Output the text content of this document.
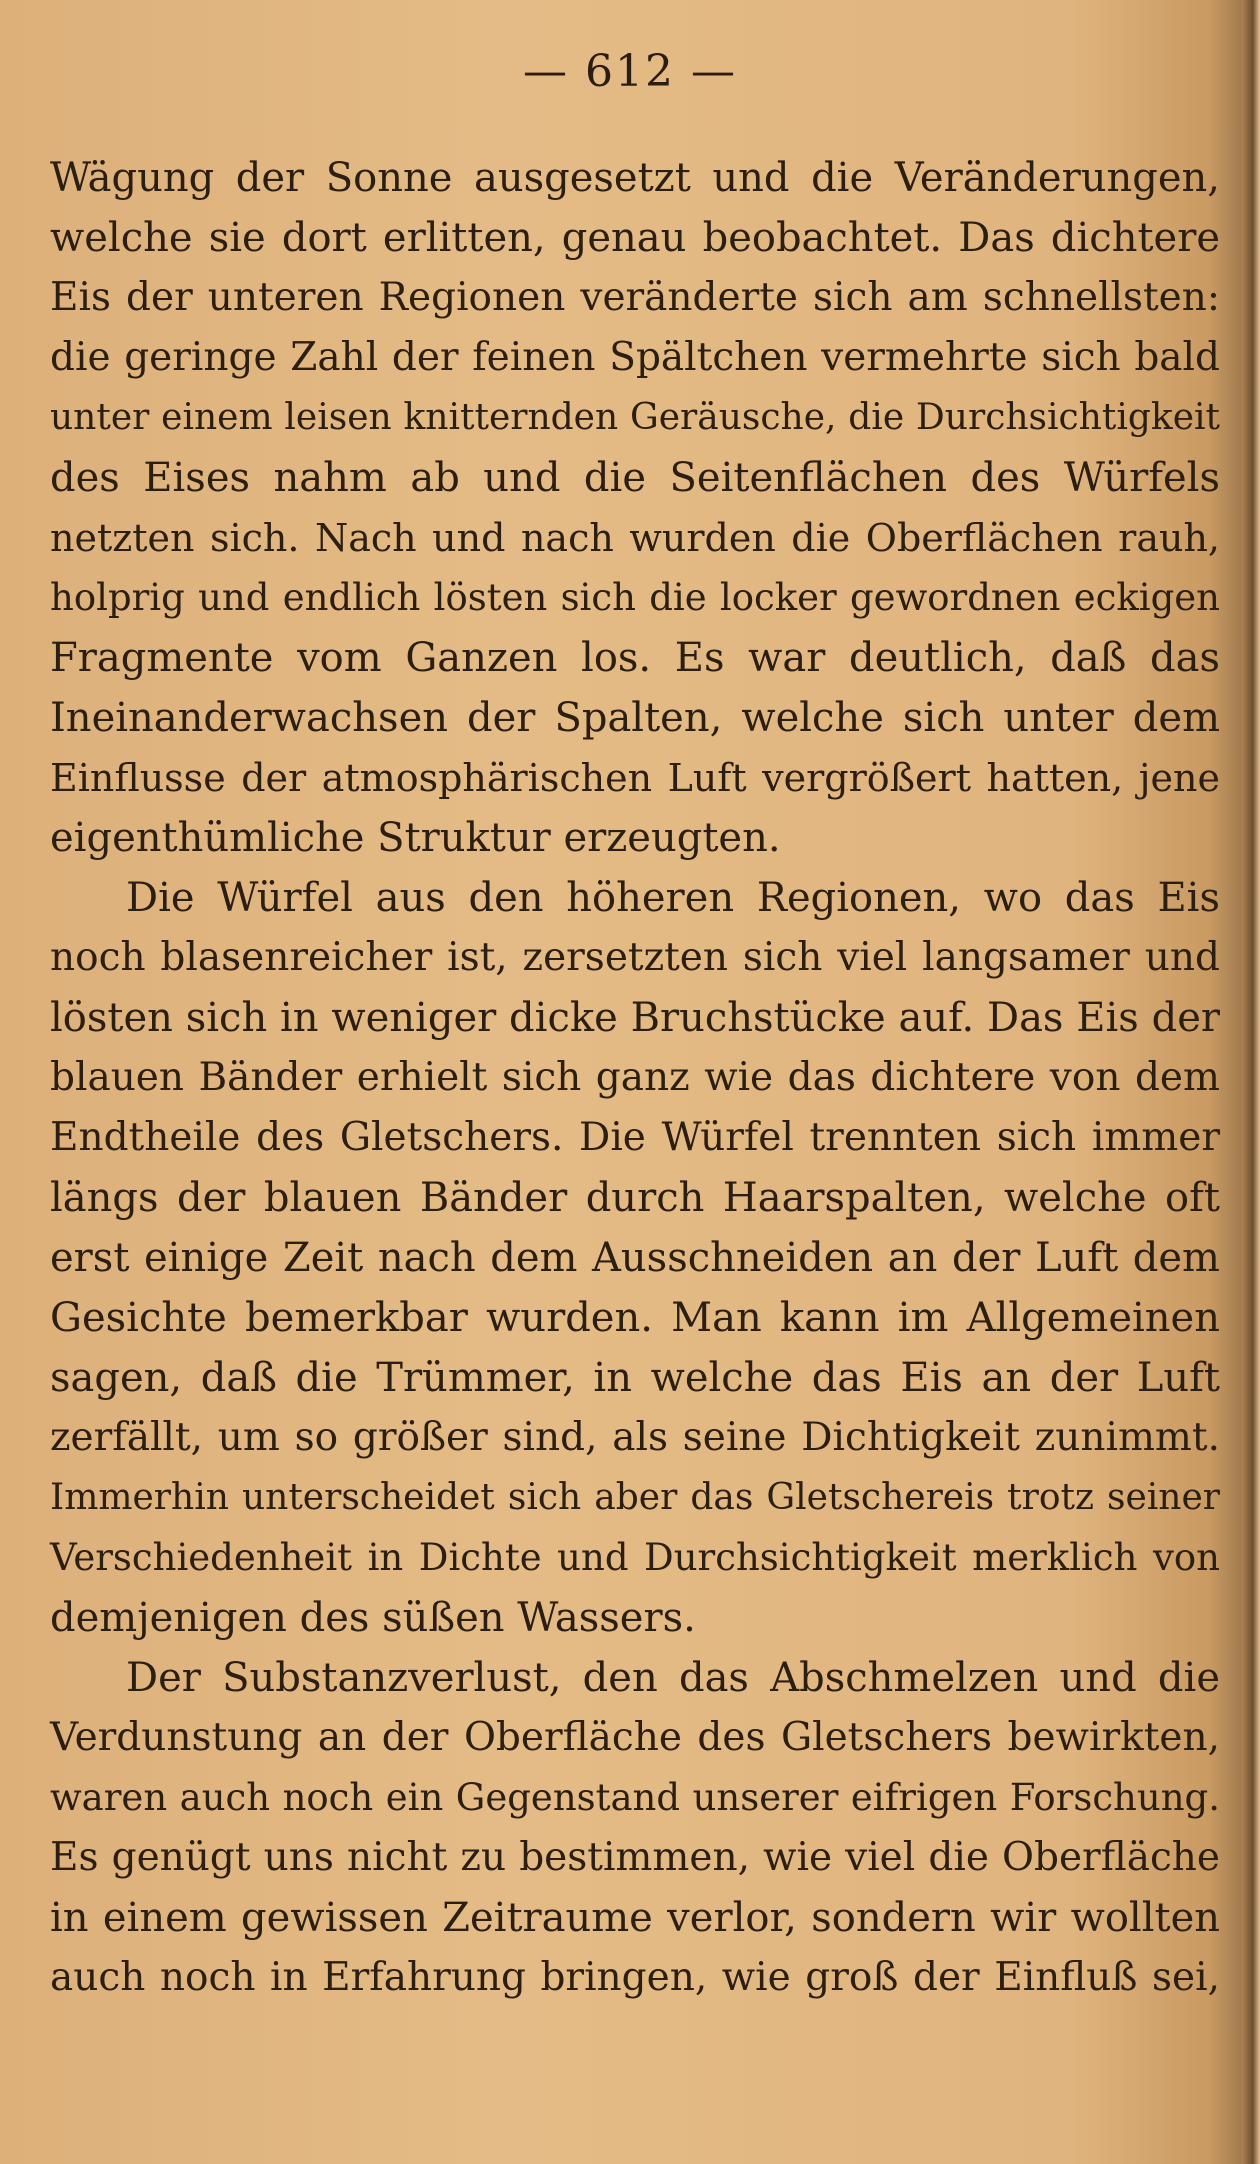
— 612 —
Wägung der Sonne ausgesetzt und die Veränderungen,
welche sie dort erlitten, genau beobachtet. Das dichtere
Eis der unteren Regionen veränderte sich am schnellsten:
die geringe Zahl der feinen Spältchen vermehrte sich bald
unter einem leisen knitternden Geräusche, die Durchsichtigkeit
des Eises nahm ab und die Seitenflächen des Würfels
netzten sich. Nach und nach wurden die Oberflächen rauh,
holprig und endlich lösten sich die locker gewordnen eckigen
Fragmente vom Ganzen los. Es war deutlich, daß das
Ineinanderwachsen der Spalten, welche sich unter dem
Einflusse der atmosphärischen Luft vergrößert hatten, jene
eigenthümliche Struktur erzeugten.
Die Würfel aus den höheren Regionen, wo das Eis
noch blasenreicher ist, zersetzten sich viel langsamer und
lösten sich in weniger dicke Bruchstücke auf. Das Eis der
blauen Bänder erhielt sich ganz wie das dichtere von dem
Endtheile des Gletschers. Die Würfel trennten sich immer
längs der blauen Bänder durch Haarspalten, welche oft
erst einige Zeit nach dem Ausschneiden an der Luft dem
Gesichte bemerkbar wurden. Man kann im Allgemeinen
sagen, daß die Trümmer, in welche das Eis an der Luft
zerfällt, um so größer sind, als seine Dichtigkeit zunimmt.
Immerhin unterscheidet sich aber das Gletschereis trotz seiner
Verschiedenheit in Dichte und Durchsichtigkeit merklich von
demjenigen des süßen Wassers.
Der Substanzverlust, den das Abschmelzen und die
Verdunstung an der Oberfläche des Gletschers bewirkten,
waren auch noch ein Gegenstand unserer eifrigen Forschung.
Es genügt uns nicht zu bestimmen, wie viel die Oberfläche
in einem gewissen Zeitraume verlor, sondern wir wollten
auch noch in Erfahrung bringen, wie groß der Einfluß sei,
